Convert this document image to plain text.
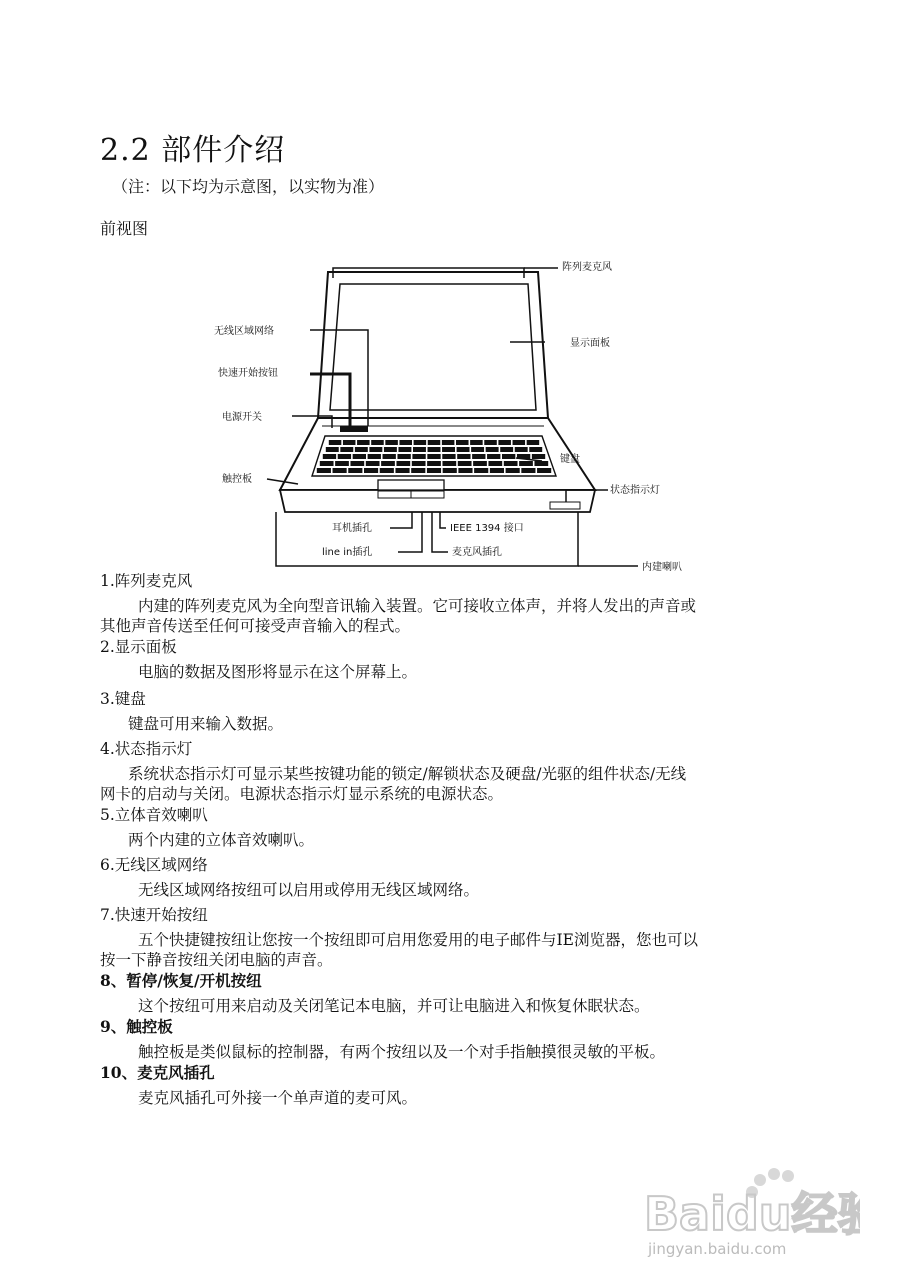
2.2 部件介绍
（注：以下均为示意图，以实物为准）
前视图
阵列麦克风
显示面板
无线区域网络
快速开始按钮
电源开关
键盘
触控板
状态指示灯
耳机插孔	IEEE 1394 接口
line in插孔	麦克风插孔
内建喇叭
1.阵列麦克风
内建的阵列麦克风为全向型音讯输入装置。它可接收立体声，并将人发出的声音或
其他声音传送至任何可接受声音输入的程式。
2.显示面板
电脑的数据及图形将显示在这个屏幕上。
3.键盘
键盘可用来输入数据。
4.状态指示灯
系统状态指示灯可显示某些按键功能的锁定/解锁状态及硬盘/光驱的组件状态/无线
网卡的启动与关闭。电源状态指示灯显示系统的电源状态。
5.立体音效喇叭
两个内建的立体音效喇叭。
6.无线区域网络
无线区域网络按纽可以启用或停用无线区域网络。
7.快速开始按纽
五个快捷键按纽让您按一个按纽即可启用您爱用的电子邮件与IE浏览器，您也可以
按一下静音按纽关闭电脑的声音。
8、暂停/恢复/开机按纽
这个按纽可用来启动及关闭笔记本电脑，并可让电脑进入和恢复休眠状态。
9、触控板
触控板是类似鼠标的控制器，有两个按纽以及一个对手指触摸很灵敏的平板。
10、麦克风插孔
麦克风插孔可外接一个单声道的麦可风。
Baidu经验
jingyan.baidu.com
